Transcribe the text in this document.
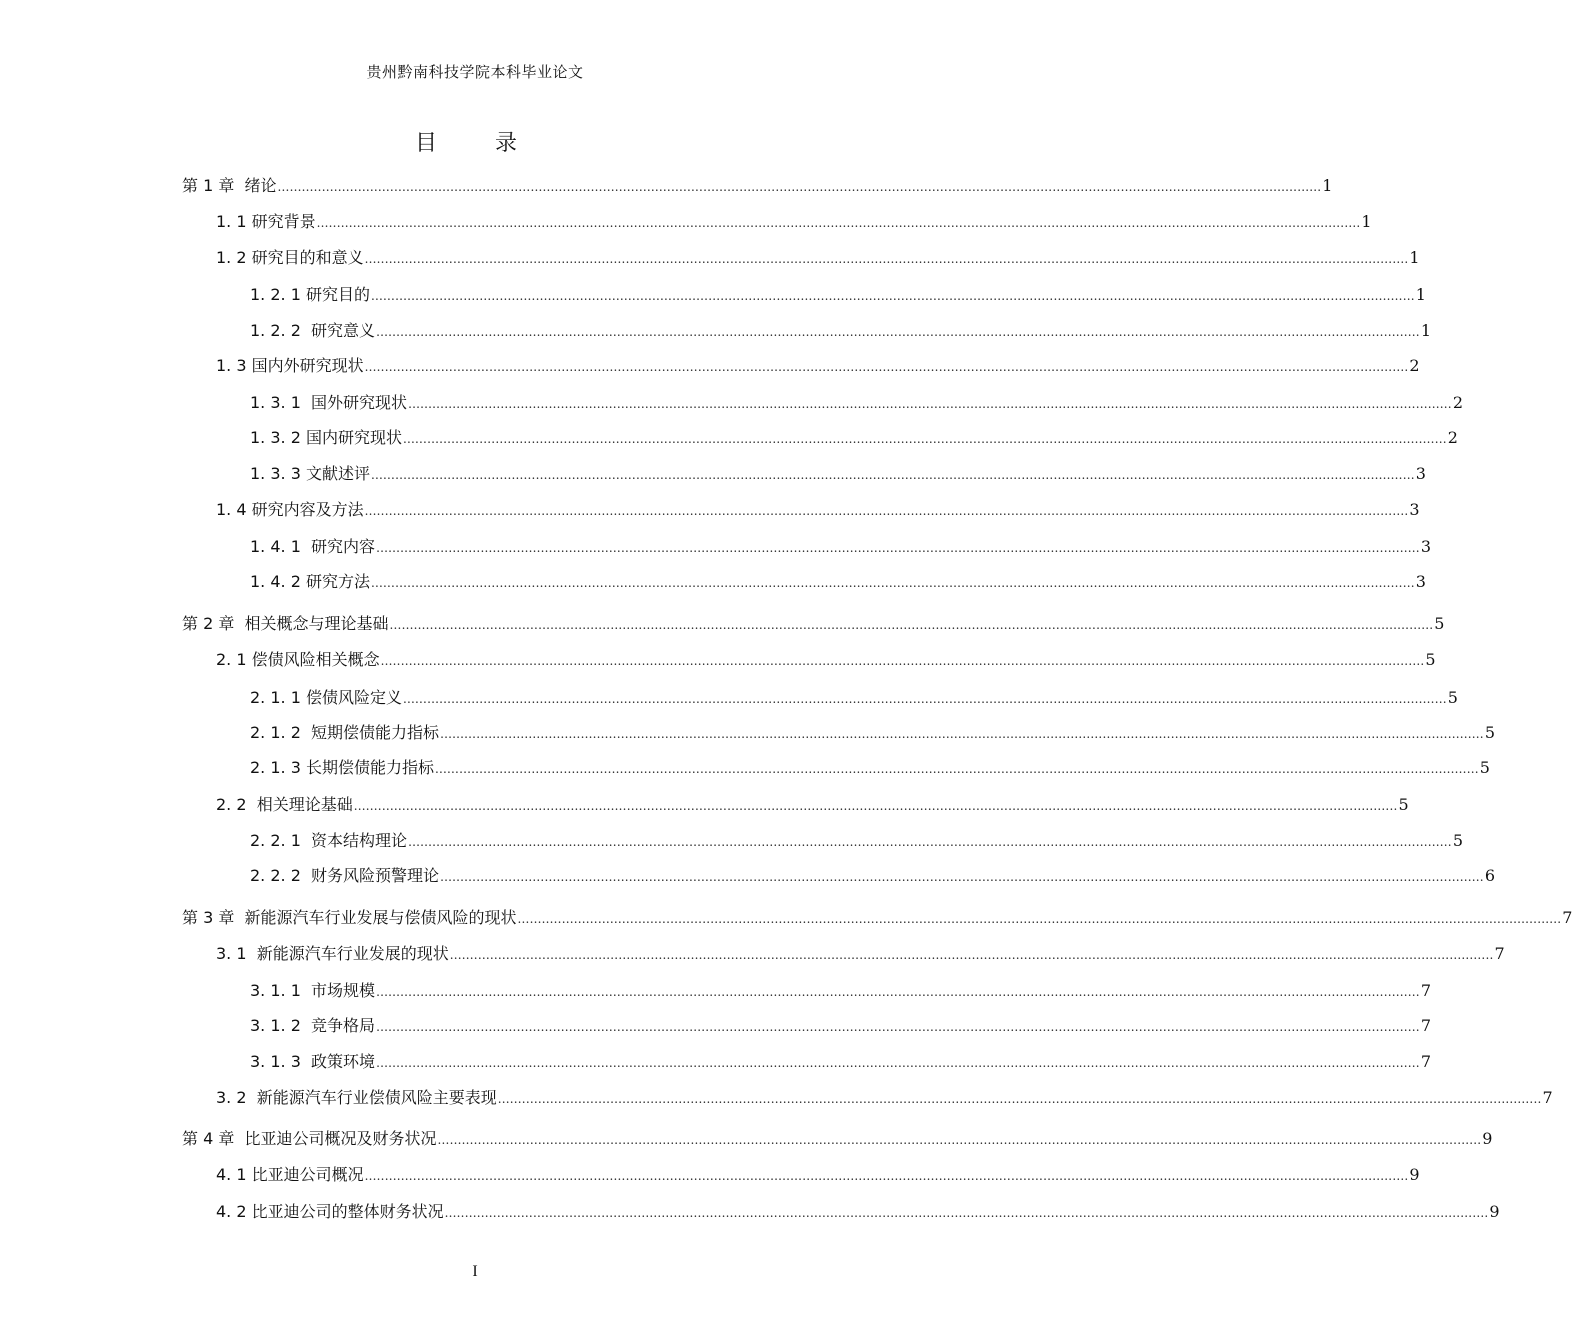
贵州黔南科技学院本科毕业论文
目　录
第 1 章  绪论 .................................................................................................................................................................................................................................................................... 1
1. 1 研究背景 .................................................................................................................................................................................................................................................................... 1
1. 2 研究目的和意义 .................................................................................................................................................................................................................................................................... 1
1. 2. 1 研究目的 .................................................................................................................................................................................................................................................................... 1
1. 2. 2  研究意义 .................................................................................................................................................................................................................................................................... 1
1. 3 国内外研究现状 .................................................................................................................................................................................................................................................................... 2
1. 3. 1  国外研究现状 .................................................................................................................................................................................................................................................................... 2
1. 3. 2 国内研究现状 .................................................................................................................................................................................................................................................................... 2
1. 3. 3 文献述评 .................................................................................................................................................................................................................................................................... 3
1. 4 研究内容及方法 .................................................................................................................................................................................................................................................................... 3
1. 4. 1  研究内容 .................................................................................................................................................................................................................................................................... 3
1. 4. 2 研究方法 .................................................................................................................................................................................................................................................................... 3
第 2 章  相关概念与理论基础 .................................................................................................................................................................................................................................................................... 5
2. 1 偿债风险相关概念 .................................................................................................................................................................................................................................................................... 5
2. 1. 1 偿债风险定义 .................................................................................................................................................................................................................................................................... 5
2. 1. 2  短期偿债能力指标 .................................................................................................................................................................................................................................................................... 5
2. 1. 3 长期偿债能力指标 .................................................................................................................................................................................................................................................................... 5
2. 2  相关理论基础 .................................................................................................................................................................................................................................................................... 5
2. 2. 1  资本结构理论 .................................................................................................................................................................................................................................................................... 5
2. 2. 2  财务风险预警理论 .................................................................................................................................................................................................................................................................... 6
第 3 章  新能源汽车行业发展与偿债风险的现状 .................................................................................................................................................................................................................................................................... 7
3. 1  新能源汽车行业发展的现状 .................................................................................................................................................................................................................................................................... 7
3. 1. 1  市场规模 .................................................................................................................................................................................................................................................................... 7
3. 1. 2  竞争格局 .................................................................................................................................................................................................................................................................... 7
3. 1. 3  政策环境 .................................................................................................................................................................................................................................................................... 7
3. 2  新能源汽车行业偿债风险主要表现 .................................................................................................................................................................................................................................................................... 7
第 4 章  比亚迪公司概况及财务状况 .................................................................................................................................................................................................................................................................... 9
4. 1 比亚迪公司概况 .................................................................................................................................................................................................................................................................... 9
4. 2 比亚迪公司的整体财务状况 .................................................................................................................................................................................................................................................................... 9
I
